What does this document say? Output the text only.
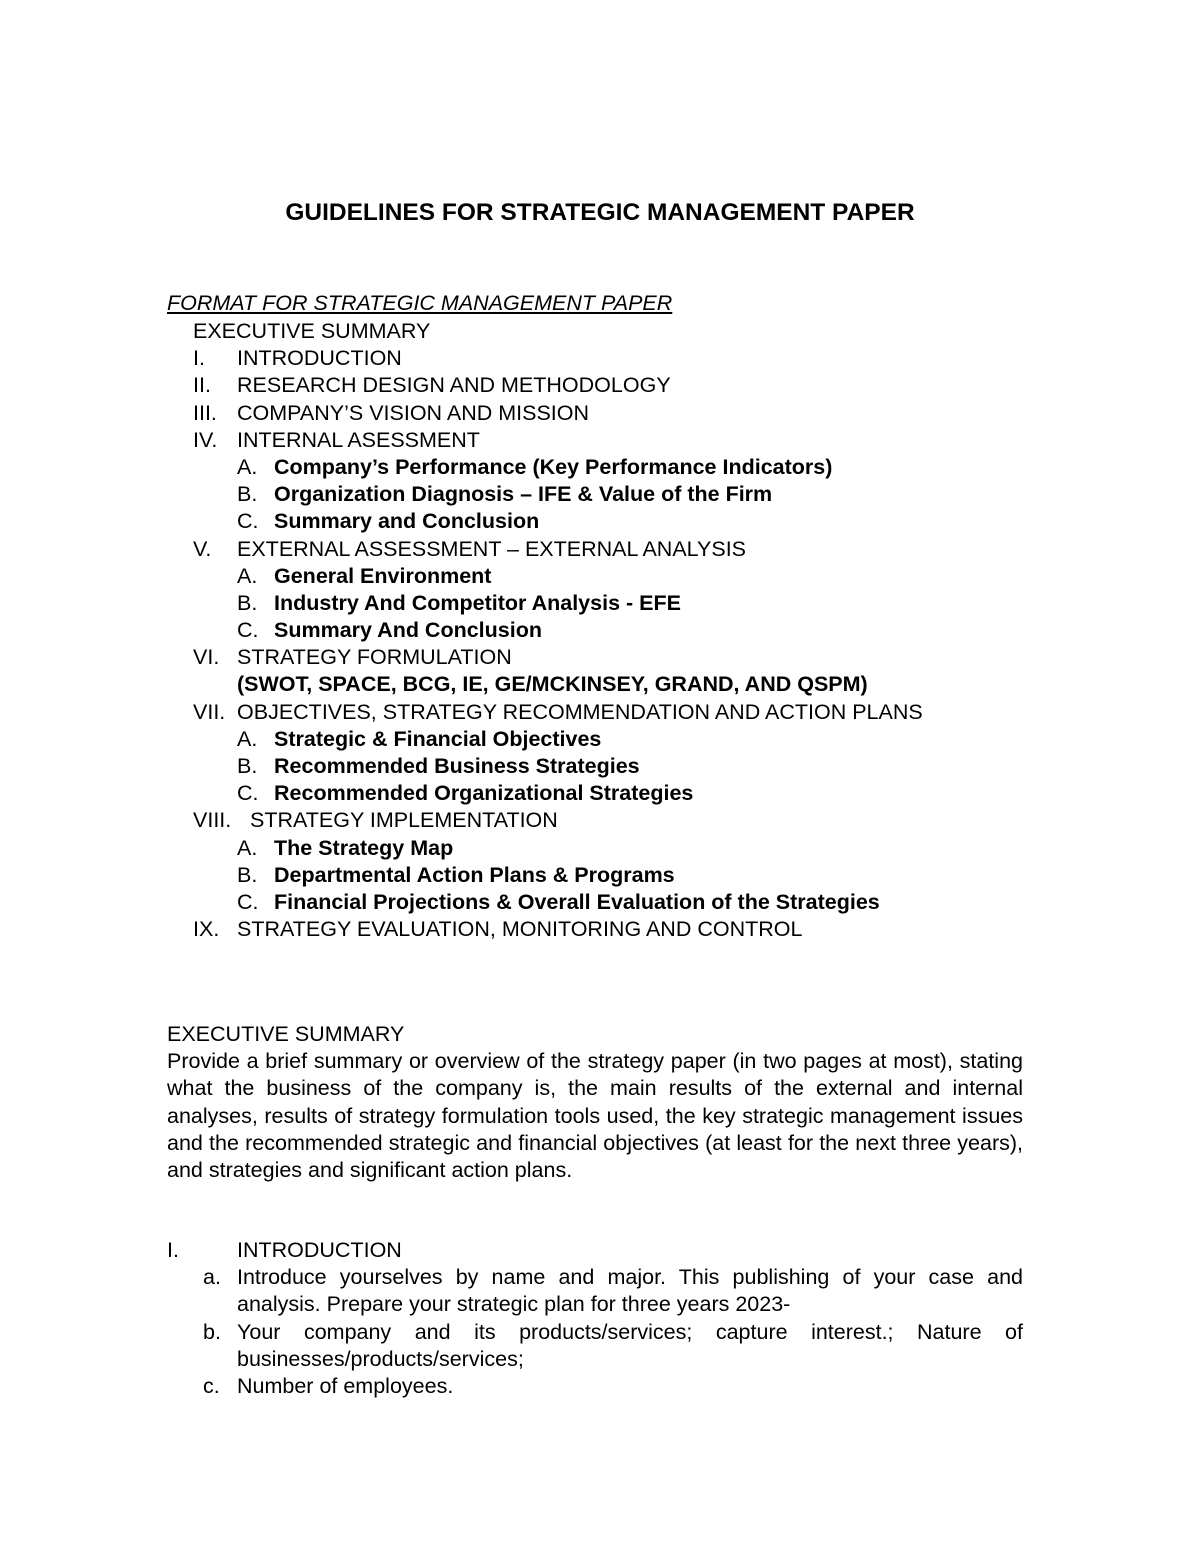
GUIDELINES FOR STRATEGIC MANAGEMENT PAPER
FORMAT FOR STRATEGIC MANAGEMENT PAPER
EXECUTIVE SUMMARY
I. INTRODUCTION
II. RESEARCH DESIGN AND METHODOLOGY
III. COMPANY’S VISION AND MISSION
IV. INTERNAL ASESSMENT
A. Company’s Performance (Key Performance Indicators)
B. Organization Diagnosis – IFE & Value of the Firm
C. Summary and Conclusion
V. EXTERNAL ASSESSMENT – EXTERNAL ANALYSIS
A. General Environment
B. Industry And Competitor Analysis - EFE
C. Summary And Conclusion
VI. STRATEGY FORMULATION
(SWOT, SPACE, BCG, IE, GE/MCKINSEY, GRAND, AND QSPM)
VII. OBJECTIVES, STRATEGY RECOMMENDATION AND ACTION PLANS
A. Strategic & Financial Objectives
B. Recommended Business Strategies
C. Recommended Organizational Strategies
VIII. STRATEGY IMPLEMENTATION
A. The Strategy Map
B. Departmental Action Plans & Programs
C. Financial Projections & Overall Evaluation of the Strategies
IX. STRATEGY EVALUATION, MONITORING AND CONTROL
EXECUTIVE SUMMARY

Provide a brief summary or overview of the strategy paper (in two pages at most), stating what the business of the company is, the main results of the external and internal analyses, results of strategy formulation tools used, the key strategic management issues and the recommended strategic and financial objectives (at least for the next three years), and strategies and significant action plans.

I.	INTRODUCTION
a. Introduce yourselves by name and major. This publishing of your case and analysis. Prepare your strategic plan for three years 2023-
b. Your company and its products/services; capture interest.; Nature of businesses/products/services;
c. Number of employees.
